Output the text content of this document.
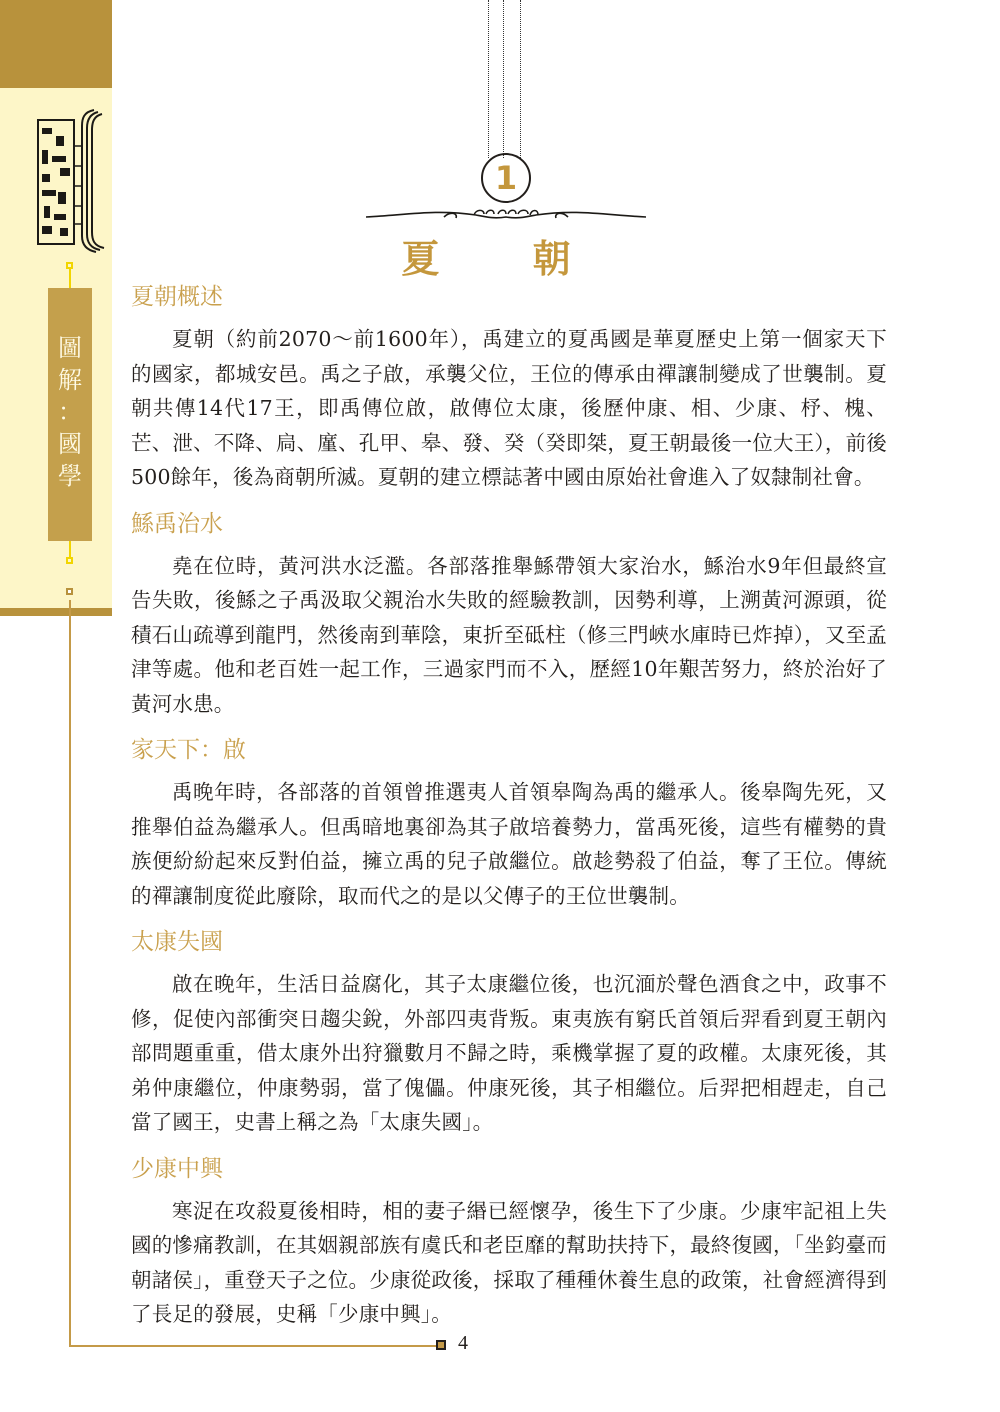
圖
解
：
國
學
4
1
夏 朝
夏朝概述

夏朝（約前2070～前1600年），禹建立的夏禹國是華夏歷史上第一個家天下的國家，都城安邑。禹之子啟，承襲父位，王位的傳承由禪讓制變成了世襲制。夏朝共傳14代17王，即禹傳位啟，啟傳位太康，後歷仲康、相、少康、杼、槐、芒、泄、不降、扃、廑、孔甲、皋、發、癸（癸即桀，夏王朝最後一位大王），前後500餘年，後為商朝所滅。夏朝的建立標誌著中國由原始社會進入了奴隸制社會。

鯀禹治水

堯在位時，黃河洪水泛濫。各部落推舉鯀帶領大家治水，鯀治水9年但最終宣告失敗，後鯀之子禹汲取父親治水失敗的經驗教訓，因勢利導，上溯黃河源頭，從積石山疏導到龍門，然後南到華陰，東折至砥柱（修三門峽水庫時已炸掉），又至孟津等處。他和老百姓一起工作，三過家門而不入，歷經10年艱苦努力，終於治好了黃河水患。

家天下：啟

禹晚年時，各部落的首領曾推選夷人首領皋陶為禹的繼承人。後皋陶先死，又推舉伯益為繼承人。但禹暗地裏卻為其子啟培養勢力，當禹死後，這些有權勢的貴族便紛紛起來反對伯益，擁立禹的兒子啟繼位。啟趁勢殺了伯益，奪了王位。傳統的禪讓制度從此廢除，取而代之的是以父傳子的王位世襲制。

太康失國

啟在晚年，生活日益腐化，其子太康繼位後，也沉湎於聲色酒食之中，政事不修，促使內部衝突日趨尖銳，外部四夷背叛。東夷族有窮氏首領后羿看到夏王朝內部問題重重，借太康外出狩獵數月不歸之時，乘機掌握了夏的政權。太康死後，其弟仲康繼位，仲康勢弱，當了傀儡。仲康死後，其子相繼位。后羿把相趕走，自己當了國王，史書上稱之為「太康失國」。

少康中興

寒浞在攻殺夏後相時，相的妻子緡已經懷孕，後生下了少康。少康牢記祖上失國的慘痛教訓，在其姻親部族有虞氏和老臣靡的幫助扶持下，最終復國，「坐鈞臺而朝諸侯」，重登天子之位。少康從政後，採取了種種休養生息的政策，社會經濟得到了長足的發展，史稱「少康中興」。
